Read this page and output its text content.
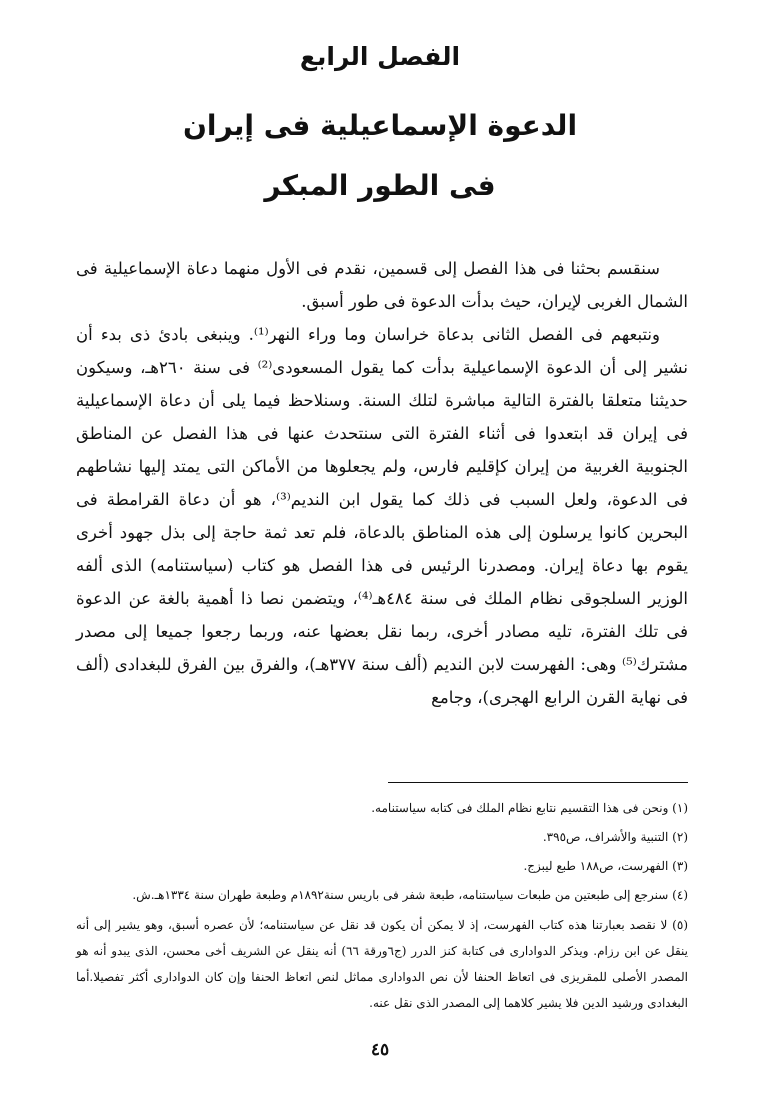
الفصل الرابع
الدعوة الإسماعيلية فى إيران
فى الطور المبكر

سنقسم بحثنا فى هذا الفصل إلى قسمين، نقدم فى الأول منهما دعاة الإسماعيلية فى الشمال الغربى لإيران، حيث بدأت الدعوة فى طور أسبق.

ونتبعهم فى الفصل الثانى بدعاة خراسان وما وراء النهر⁽¹⁾. وينبغى بادئ ذى بدء أن نشير إلى أن الدعوة الإسماعيلية بدأت كما يقول المسعودى⁽²⁾ فى سنة ٢٦٠هـ، وسيكون حديثنا متعلقا بالفترة التالية مباشرة لتلك السنة. وسنلاحظ فيما يلى أن دعاة الإسماعيلية فى إيران قد ابتعدوا فى أثناء الفترة التى سنتحدث عنها فى هذا الفصل عن المناطق الجنوبية الغربية من إيران كإقليم فارس، ولم يجعلوها من الأماكن التى يمتد إليها نشاطهم فى الدعوة، ولعل السبب فى ذلك كما يقول ابن النديم⁽³⁾، هو أن دعاة القرامطة فى البحرين كانوا يرسلون إلى هذه المناطق بالدعاة، فلم تعد ثمة حاجة إلى بذل جهود أخرى يقوم بها دعاة إيران. ومصدرنا الرئيس فى هذا الفصل هو كتاب (سياستنامه) الذى ألفه الوزير السلجوقى نظام الملك فى سنة ٤٨٤هـ⁽⁴⁾، ويتضمن نصا ذا أهمية بالغة عن الدعوة فى تلك الفترة، تليه مصادر أخرى، ربما نقل بعضها عنه، وربما رجعوا جميعا إلى مصدر مشترك⁽⁵⁾ وهى: الفهرست لابن النديم (ألف سنة ٣٧٧هـ)، والفرق بين الفرق للبغدادى (ألف فى نهاية القرن الرابع الهجرى)، وجامع

(١) ونحن فى هذا التقسيم نتابع نظام الملك فى كتابه سياستنامه.

(٢) التنبية والأشراف، ص٣٩٥.

(٣) الفهرست، ص١٨٨ طبع ليبزج.

(٤) سنرجع إلى طبعتين من طبعات سياستنامه، طبعة شفر فى باريس سنة١٨٩٢م وطبعة طهران سنة ١٣٣٤هـ.ش.

(٥) لا نقصد بعبارتنا هذه كتاب الفهرست، إذ لا يمكن أن يكون قد نقل عن سياستنامه؛ لأن عصره أسبق، وهو يشير إلى أنه ينقل عن ابن رزام. ويذكر الدوادارى فى كتابة كنز الدرر (ج٦ورقة ٦٦) أنه ينقل عن الشريف أخى محسن، الذى يبدو أنه هو المصدر الأصلى للمقريزى فى اتعاظ الحنفا لأن نص الدوادارى مماثل لنص اتعاظ الحنفا وإن كان الدوادارى أكثر تفصيلا.أما البغدادى ورشيد الدين فلا يشير كلاهما إلى المصدر الذى نقل عنه.

٤٥
